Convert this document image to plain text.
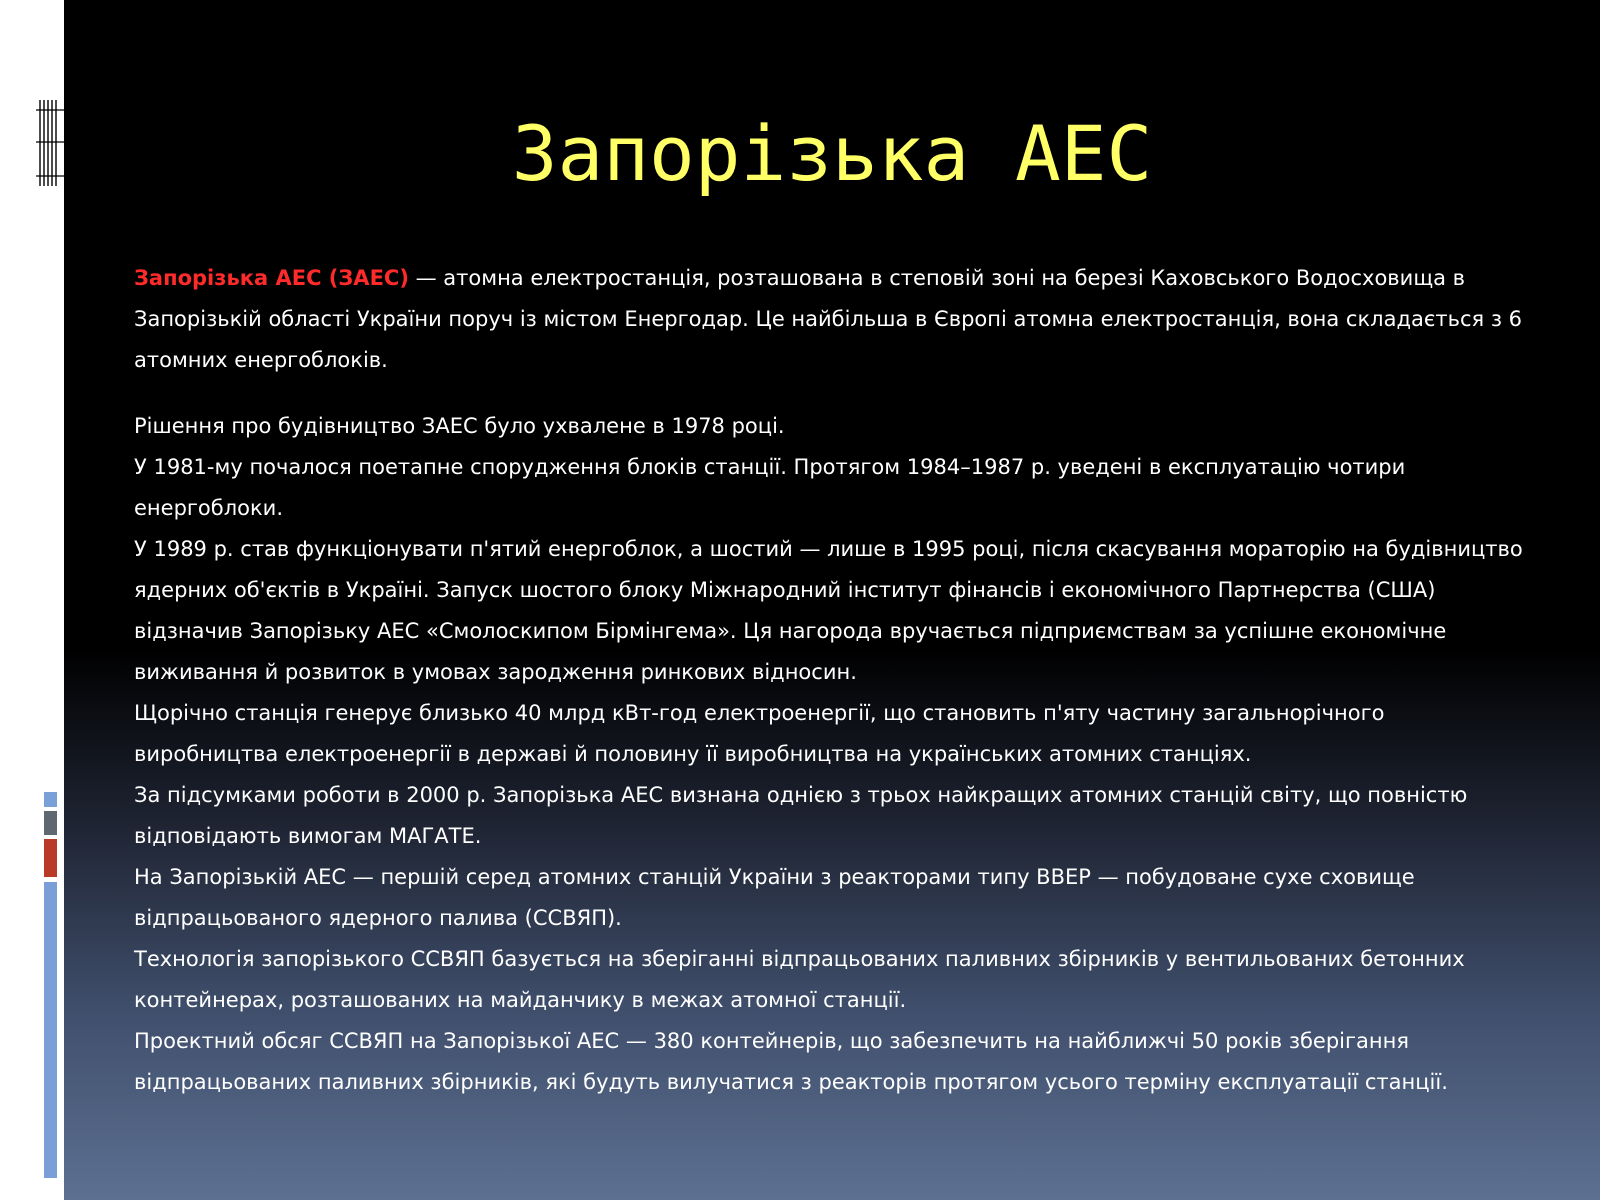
Запорізька АЕС

Запорізька АЕС (ЗАЕС) — атомна електростанція, розташована в степовій зоні на березі Каховського Водосховища в Запорізькій області України поруч із містом Енергодар. Це найбільша в Європі атомна електростанція, вона складається з 6 атомних енергоблоків.

Рішення про будівництво ЗАЕС було ухвалене в 1978 році.

У 1981-му почалося поетапне спорудження блоків станції. Протягом 1984–1987 р. уведені в експлуатацію чотири енергоблоки.

У 1989 р. став функціонувати п'ятий енергоблок, а шостий — лише в 1995 році, після скасування мораторію на будівництво ядерних об'єктів в Україні. Запуск шостого блоку Міжнародний інститут фінансів і економічного Партнерства (США) відзначив Запорізьку АЕС «Смолоскипом Бірмінгема». Ця нагорода вручається підприємствам за успішне економічне виживання й розвиток в умовах зародження ринкових відносин.

Щорічно станція генерує близько 40 млрд кВт-год електроенергії, що становить п'яту частину загальнорічного виробництва електроенергії в державі й половину її виробництва на українських атомних станціях.

За підсумками роботи в 2000 р. Запорізька АЕС визнана однією з трьох найкращих атомних станцій світу, що повністю відповідають вимогам МАГАТЕ.

На Запорізькій АЕС — першій серед атомних станцій України з реакторами типу ВВЕР — побудоване сухе сховище відпрацьованого ядерного палива (ССВЯП).

Технологія запорізького ССВЯП базується на зберіганні відпрацьованих паливних збірників у вентильованих бетонних контейнерах, розташованих на майданчику в межах атомної станції.

Проектний обсяг ССВЯП на Запорізької АЕС — 380 контейнерів, що забезпечить на найближчі 50 років зберігання відпрацьованих паливних збірників, які будуть вилучатися з реакторів протягом усього терміну експлуатації станції.
